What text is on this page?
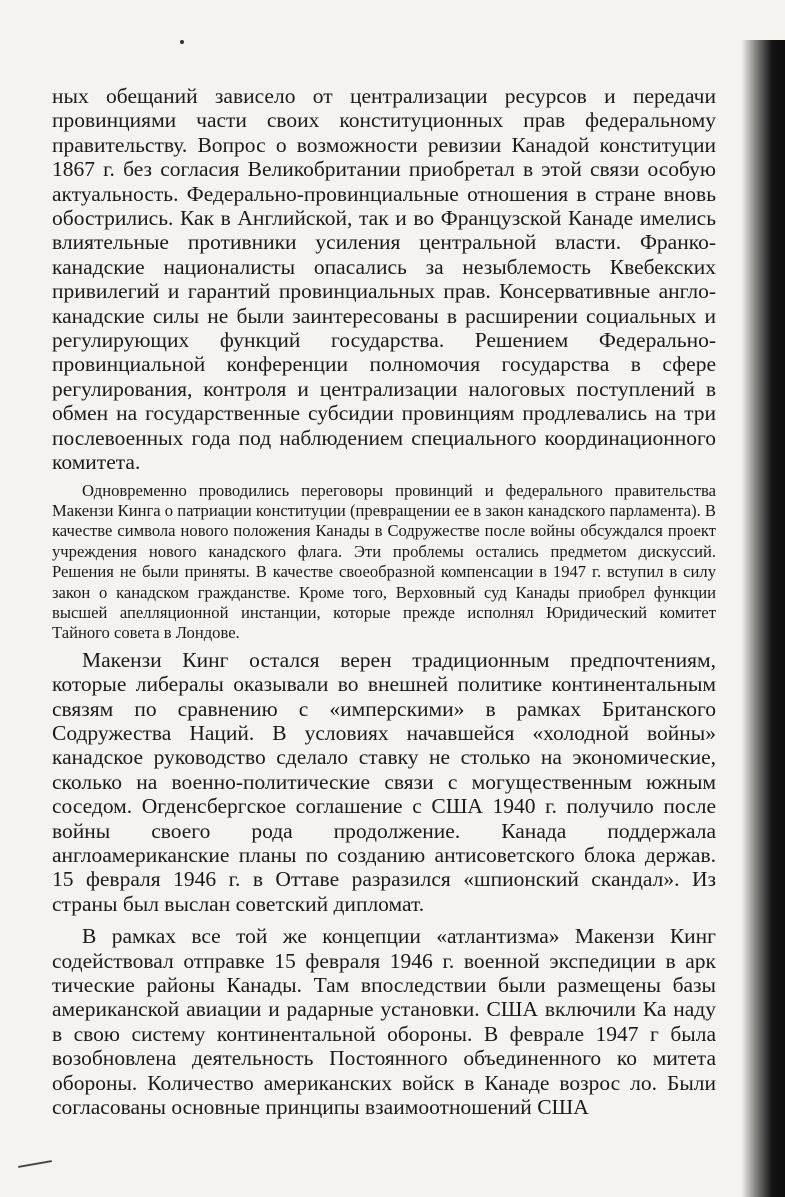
ных обещаний зависело от централизации ресурсов и передачи провинциями части своих конституционных прав федеральному правительству. Вопрос о возможности ревизии Канадой конституции 1867 г. без согласия Великобритании приобретал в этой связи особую актуальность. Федерально-провинциальные отношения в стране вновь обострились. Как в Английской, так и во Французской Канаде имелись влиятельные противники усиления центральной власти. Франко-канадские националисты опасались за незыблемость Квебекских привилегий и гарантий провинциальных прав. Консервативные англо-канадские силы не были заинтересованы в расширении социальных и регулирующих функций государства. Решением Федерально-провинциальной конференции полномочия государства в сфере регулирования, контроля и централизации налоговых поступлений в обмен на государственные субсидии провинциям продлевались на три послевоенных года под наблюдением специального координационного комитета.

Одновременно проводились переговоры провинций и федерального правительства Макензи Кинга о патриации конституции (превращении ее в закон канадского парламента). В качестве символа нового положения Канады в Содружестве после войны обсуждался проект учреждения нового канадского флага. Эти проблемы остались предметом дискуссий. Решения не были приняты. В качестве своеобразной компенсации в 1947 г. вступил в силу закон о канадском гражданстве. Кроме того, Верховный суд Канады приобрел функции высшей апелляционной инстанции, которые прежде исполнял Юридический комитет Тайного совета в Лондове.

Макензи Кинг остался верен традиционным предпочтениям, которые либералы оказывали во внешней политике континентальным связям по сравнению с «имперскими» в рамках Британского Содружества Наций. В условиях начавшейся «холодной войны» канадское руководство сделало ставку не столько на экономические, сколько на военно-политические связи с могущественным южным соседом. Огденсбергское соглашение с США 1940 г. получило после войны своего рода продолжение. Канада поддержала англоамериканские планы по созданию антисоветского блока держав. 15 февраля 1946 г. в Оттаве разразился «шпионский скандал». Из страны был выслан советский дипломат.

В рамках все той же концепции «атлантизма» Макензи Кинг содействовал отправке 15 февраля 1946 г. военной экспедиции в арк тические районы Канады. Там впоследствии были размещены базы американской авиации и радарные установки. США включили Ка наду в свою систему континентальной обороны. В феврале 1947 г была возобновлена деятельность Постоянного объединенного ко митета обороны. Количество американских войск в Канаде возрос ло. Были согласованы основные принципы взаимоотношений США
